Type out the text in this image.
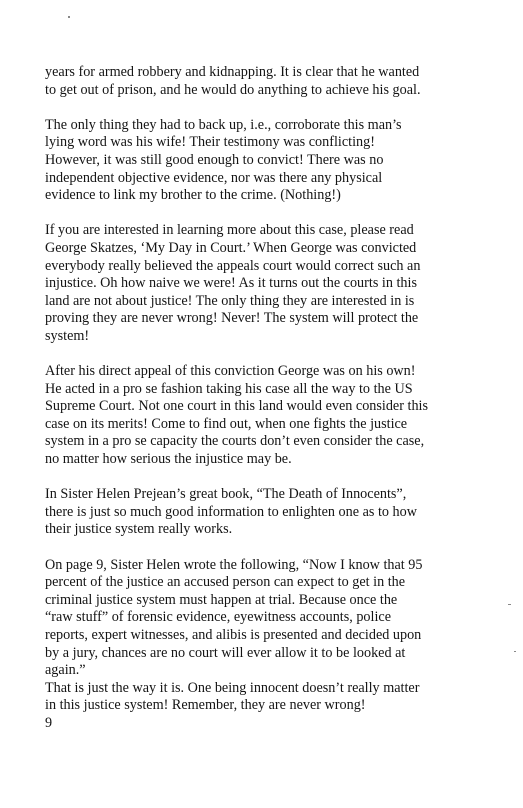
years for armed robbery and kidnapping. It is clear that he wanted
to get out of prison, and he would do anything to achieve his goal.

The only thing they had to back up, i.e., corroborate this man’s
lying word was his wife! Their testimony was conflicting!
However, it was still good enough to convict! There was no
independent objective evidence, nor was there any physical
evidence to link my brother to the crime. (Nothing!)

If you are interested in learning more about this case, please read
George Skatzes, ‘My Day in Court.’ When George was convicted
everybody really believed the appeals court would correct such an
injustice. Oh how naive we were! As it turns out the courts in this
land are not about justice! The only thing they are interested in is
proving they are never wrong! Never! The system will protect the
system!

After his direct appeal of this conviction George was on his own!
He acted in a pro se fashion taking his case all the way to the US
Supreme Court. Not one court in this land would even consider this
case on its merits! Come to find out, when one fights the justice
system in a pro se capacity the courts don’t even consider the case,
no matter how serious the injustice may be.

In Sister Helen Prejean’s great book, “The Death of Innocents”,
there is just so much good information to enlighten one as to how
their justice system really works.

On page 9, Sister Helen wrote the following, “Now I know that 95
percent of the justice an accused person can expect to get in the
criminal justice system must happen at trial. Because once the
“raw stuff” of forensic evidence, eyewitness accounts, police
reports, expert witnesses, and alibis is presented and decided upon
by a jury, chances are no court will ever allow it to be looked at
again.”

That is just the way it is. One being innocent doesn’t really matter
in this justice system! Remember, they are never wrong!

9
